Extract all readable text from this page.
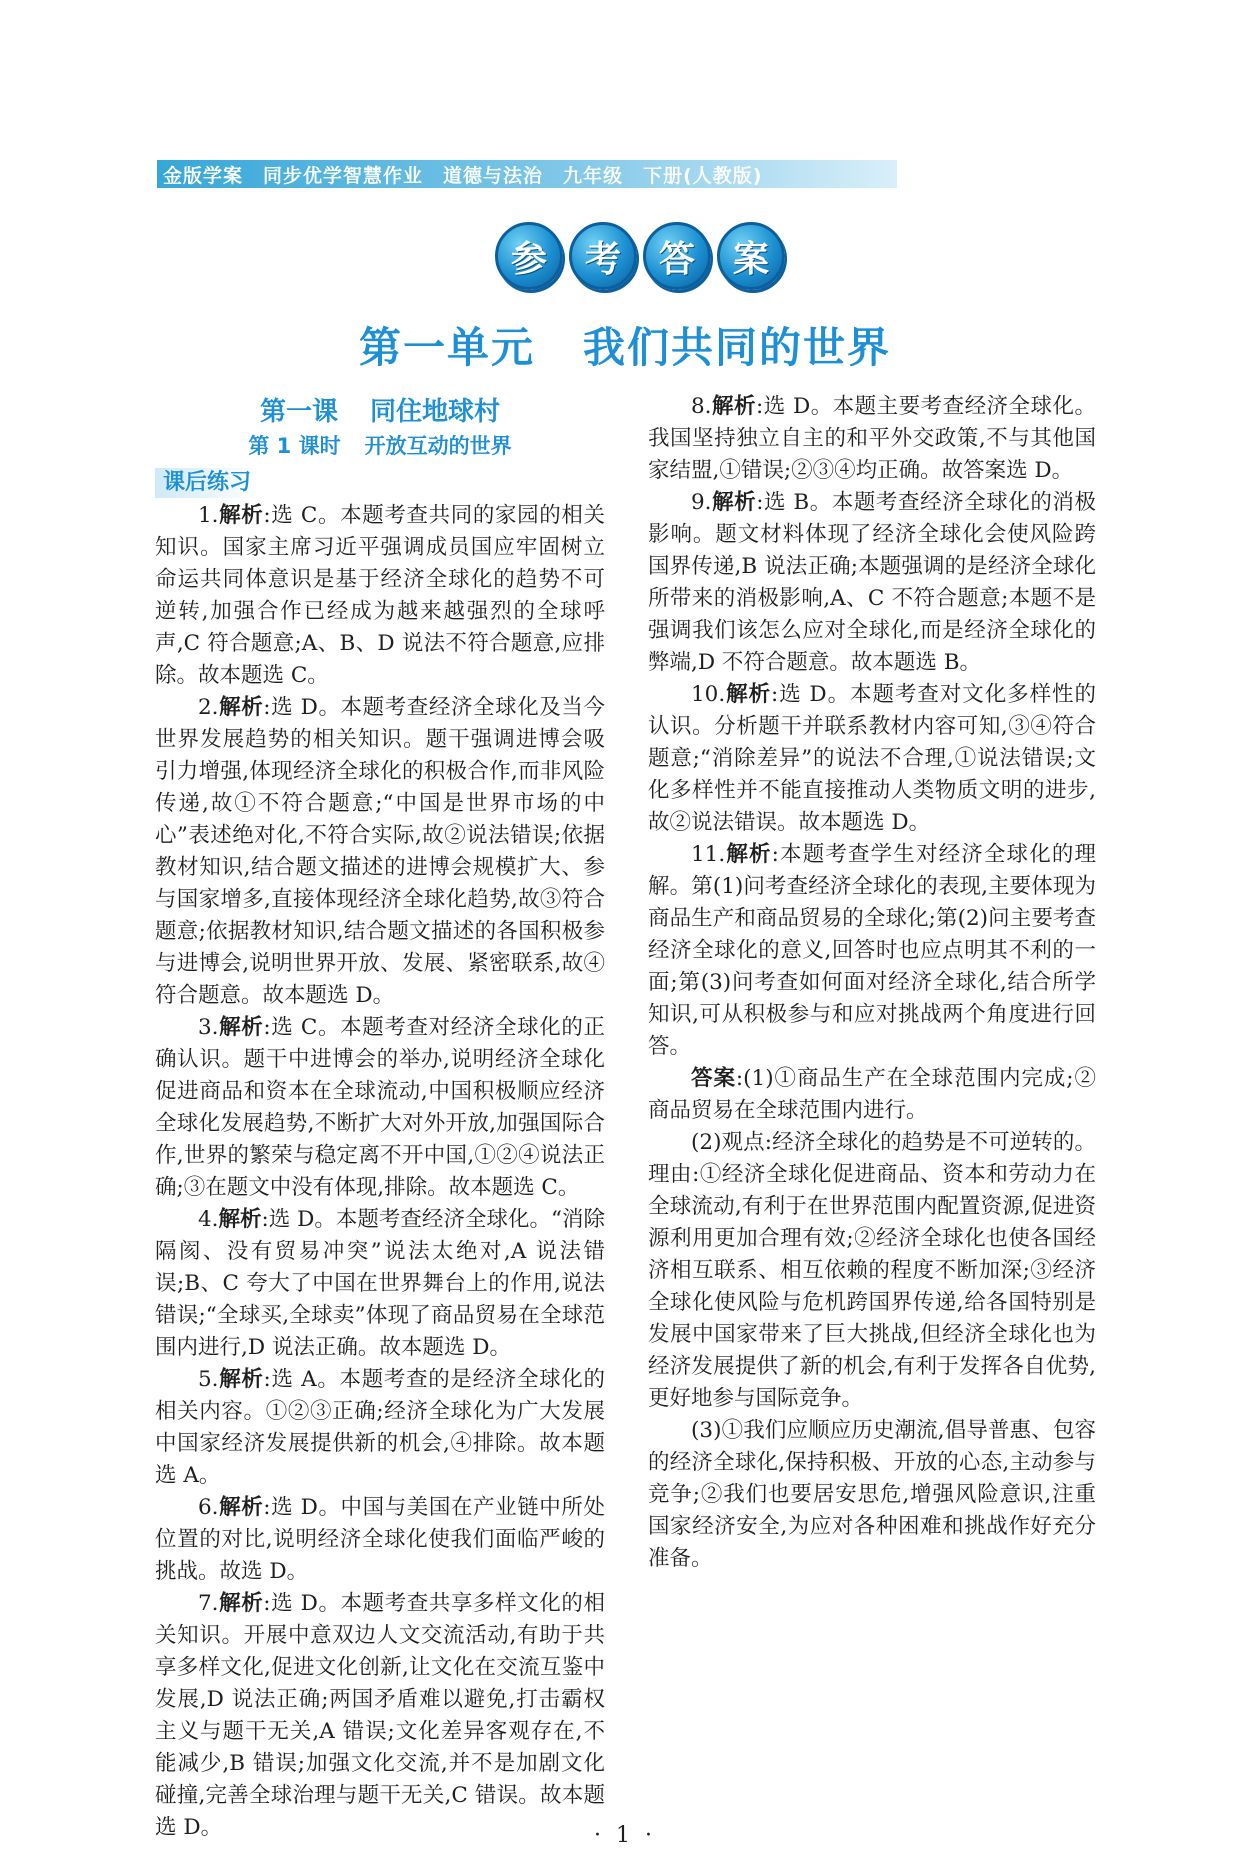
金版学案 同步优学智慧作业 道德与法治 九年级 下册(人教版)
参	考	答	案
第一单元 我们共同的世界
第一课 同住地球村
第 1 课时 开放互动的世界
课后练习

1.解析:选 C。本题考查共同的家园的相关知识。国家主席习近平强调成员国应牢固树立命运共同体意识是基于经济全球化的趋势不可逆转,加强合作已经成为越来越强烈的全球呼声,C 符合题意;A、B、D 说法不符合题意,应排除。故本题选 C。

2.解析:选 D。本题考查经济全球化及当今世界发展趋势的相关知识。题干强调进博会吸引力增强,体现经济全球化的积极合作,而非风险传递,故①不符合题意;“中国是世界市场的中心”表述绝对化,不符合实际,故②说法错误;依据教材知识,结合题文描述的进博会规模扩大、参与国家增多,直接体现经济全球化趋势,故③符合题意;依据教材知识,结合题文描述的各国积极参与进博会,说明世界开放、发展、紧密联系,故④符合题意。故本题选 D。

3.解析:选 C。本题考查对经济全球化的正确认识。题干中进博会的举办,说明经济全球化促进商品和资本在全球流动,中国积极顺应经济全球化发展趋势,不断扩大对外开放,加强国际合作,世界的繁荣与稳定离不开中国,①②④说法正确;③在题文中没有体现,排除。故本题选 C。

4.解析:选 D。本题考查经济全球化。“消除隔阂、没有贸易冲突”说法太绝对,A 说法错误;B、C 夸大了中国在世界舞台上的作用,说法错误;“全球买,全球卖”体现了商品贸易在全球范围内进行,D 说法正确。故本题选 D。

5.解析:选 A。本题考查的是经济全球化的相关内容。①②③正确;经济全球化为广大发展中国家经济发展提供新的机会,④排除。故本题选 A。

6.解析:选 D。中国与美国在产业链中所处位置的对比,说明经济全球化使我们面临严峻的挑战。故选 D。

7.解析:选 D。本题考查共享多样文化的相关知识。开展中意双边人文交流活动,有助于共享多样文化,促进文化创新,让文化在交流互鉴中发展,D 说法正确;两国矛盾难以避免,打击霸权主义与题干无关,A 错误;文化差异客观存在,不能减少,B 错误;加强文化交流,并不是加剧文化碰撞,完善全球治理与题干无关,C 错误。故本题选 D。

8.解析:选 D。本题主要考查经济全球化。我国坚持独立自主的和平外交政策,不与其他国家结盟,①错误;②③④均正确。故答案选 D。

9.解析:选 B。本题考查经济全球化的消极影响。题文材料体现了经济全球化会使风险跨国界传递,B 说法正确;本题强调的是经济全球化所带来的消极影响,A、C 不符合题意;本题不是强调我们该怎么应对全球化,而是经济全球化的弊端,D 不符合题意。故本题选 B。

10.解析:选 D。本题考查对文化多样性的认识。分析题干并联系教材内容可知,③④符合题意;“消除差异”的说法不合理,①说法错误;文化多样性并不能直接推动人类物质文明的进步,故②说法错误。故本题选 D。

11.解析:本题考查学生对经济全球化的理解。第(1)问考查经济全球化的表现,主要体现为商品生产和商品贸易的全球化;第(2)问主要考查经济全球化的意义,回答时也应点明其不利的一面;第(3)问考查如何面对经济全球化,结合所学知识,可从积极参与和应对挑战两个角度进行回答。

答案:(1)①商品生产在全球范围内完成;②商品贸易在全球范围内进行。

(2)观点:经济全球化的趋势是不可逆转的。理由:①经济全球化促进商品、资本和劳动力在全球流动,有利于在世界范围内配置资源,促进资源利用更加合理有效;②经济全球化也使各国经济相互联系、相互依赖的程度不断加深;③经济全球化使风险与危机跨国界传递,给各国特别是发展中国家带来了巨大挑战,但经济全球化也为经济发展提供了新的机会,有利于发挥各自优势,更好地参与国际竞争。

(3)①我们应顺应历史潮流,倡导普惠、包容的经济全球化,保持积极、开放的心态,主动参与竞争;②我们也要居安思危,增强风险意识,注重国家经济安全,为应对各种困难和挑战作好充分准备。

· 1 ·
